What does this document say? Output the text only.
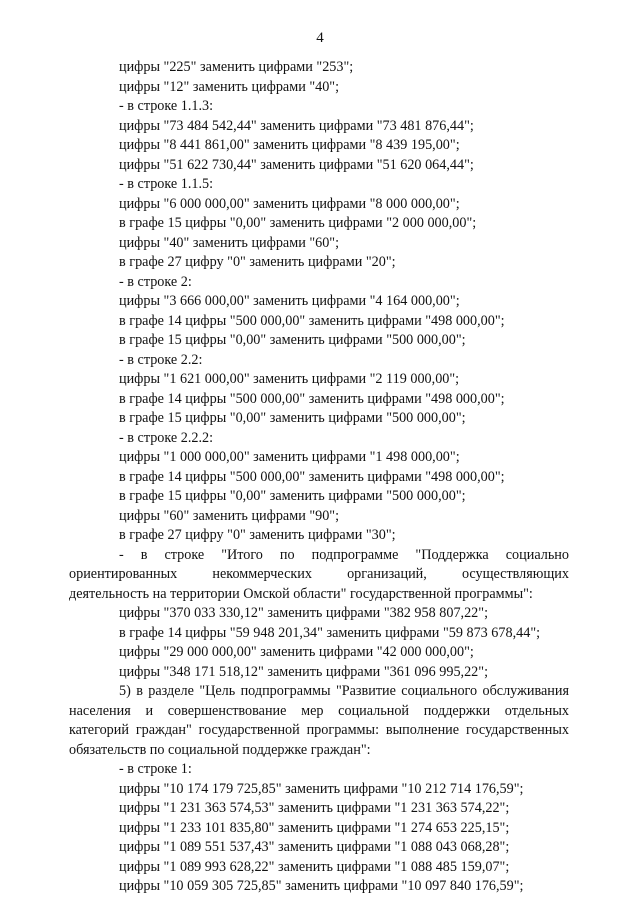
4
цифры "225" заменить цифрами "253";
цифры "12" заменить цифрами "40";
- в строке 1.1.3:
цифры "73 484 542,44" заменить цифрами "73 481 876,44";
цифры "8 441 861,00" заменить цифрами "8 439 195,00";
цифры "51 622 730,44" заменить цифрами "51 620 064,44";
- в строке 1.1.5:
цифры "6 000 000,00" заменить цифрами "8 000 000,00";
в графе 15 цифры "0,00" заменить цифрами "2 000 000,00";
цифры "40" заменить цифрами "60";
в графе 27 цифру "0" заменить цифрами "20";
- в строке 2:
цифры "3 666 000,00" заменить цифрами "4 164 000,00";
в графе 14 цифры "500 000,00" заменить цифрами "498 000,00";
в графе 15 цифры "0,00" заменить цифрами "500 000,00";
- в строке 2.2:
цифры "1 621 000,00" заменить цифрами "2 119 000,00";
в графе 14 цифры "500 000,00" заменить цифрами "498 000,00";
в графе 15 цифры "0,00" заменить цифрами "500 000,00";
- в строке 2.2.2:
цифры "1 000 000,00" заменить цифрами "1 498 000,00";
в графе 14 цифры "500 000,00" заменить цифрами "498 000,00";
в графе 15 цифры "0,00" заменить цифрами "500 000,00";
цифры "60" заменить цифрами "90";
в графе 27 цифру "0" заменить цифрами "30";
- в строке "Итого по подпрограмме "Поддержка социально
ориентированных некоммерческих организаций, осуществляющих
деятельность на территории Омской области" государственной программы":
цифры "370 033 330,12" заменить цифрами "382 958 807,22";
в графе 14 цифры "59 948 201,34" заменить цифрами "59 873 678,44";
цифры "29 000 000,00" заменить цифрами "42 000 000,00";
цифры "348 171 518,12" заменить цифрами "361 096 995,22";
5) в разделе "Цель подпрограммы "Развитие социального обслуживания
населения и совершенствование мер социальной поддержки отдельных
категорий граждан" государственной программы: выполнение государственных
обязательств по социальной поддержке граждан":
- в строке 1:
цифры "10 174 179 725,85" заменить цифрами "10 212 714 176,59";
цифры "1 231 363 574,53" заменить цифрами "1 231 363 574,22";
цифры "1 233 101 835,80" заменить цифрами "1 274 653 225,15";
цифры "1 089 551 537,43" заменить цифрами "1 088 043 068,28";
цифры "1 089 993 628,22" заменить цифрами "1 088 485 159,07";
цифры "10 059 305 725,85" заменить цифрами "10 097 840 176,59";
